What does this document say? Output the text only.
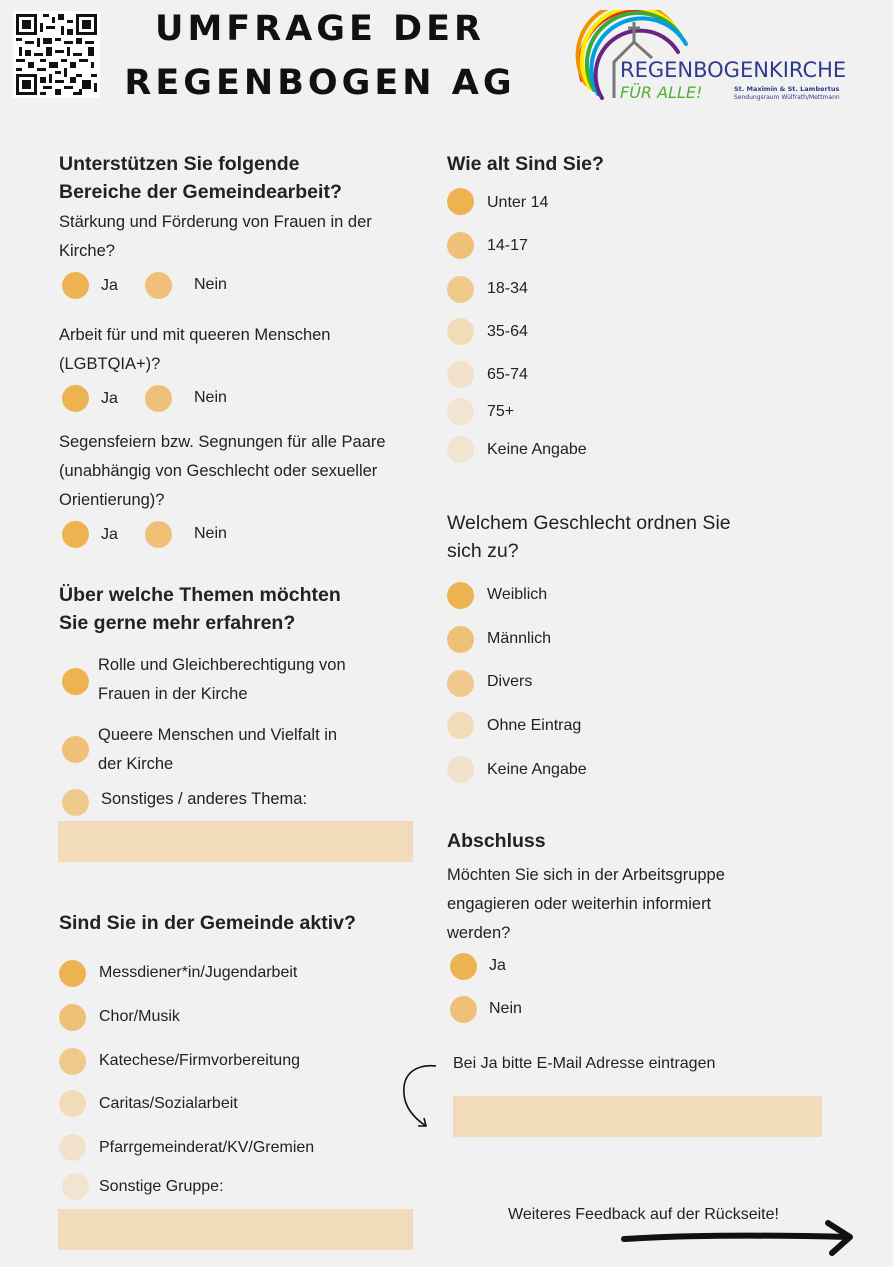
UMFRAGE DER
REGENBOGEN AG	REGENBOGENKIRCHE
FÜR ALLE!	St. Maximin & St. Lambertus
Sendungsraum Wülfrath/Mettmann
Unterstützen Sie folgende
Bereiche der Gemeindearbeit?
Stärkung und Förderung von Frauen in der
Kirche?
Ja	Nein
Arbeit für und mit queeren Menschen
(LGBTQIA+)?
Ja	Nein
Segensfeiern bzw. Segnungen für alle Paare
(unabhängig von Geschlecht oder sexueller
Orientierung)?
Ja	Nein
Über welche Themen möchten
Sie gerne mehr erfahren?
Rolle und Gleichberechtigung von
Frauen in der Kirche
Queere Menschen und Vielfalt in
der Kirche
Sonstiges / anderes Thema:
Sind Sie in der Gemeinde aktiv?
Messdiener*in/Jugendarbeit
Chor/Musik
Katechese/Firmvorbereitung
Caritas/Sozialarbeit
Pfarrgemeinderat/KV/Gremien
Sonstige Gruppe:
Wie alt Sind Sie?
Unter 14
14-17
18-34
35-64
65-74
75+
Keine Angabe
Welchem Geschlecht ordnen Sie
sich zu?
Weiblich
Männlich
Divers
Ohne Eintrag
Keine Angabe
Abschluss
Möchten Sie sich in der Arbeitsgruppe
engagieren oder weiterhin informiert
werden?
Ja
Nein
Bei Ja bitte E-Mail Adresse eintragen
Weiteres Feedback auf der Rückseite!
